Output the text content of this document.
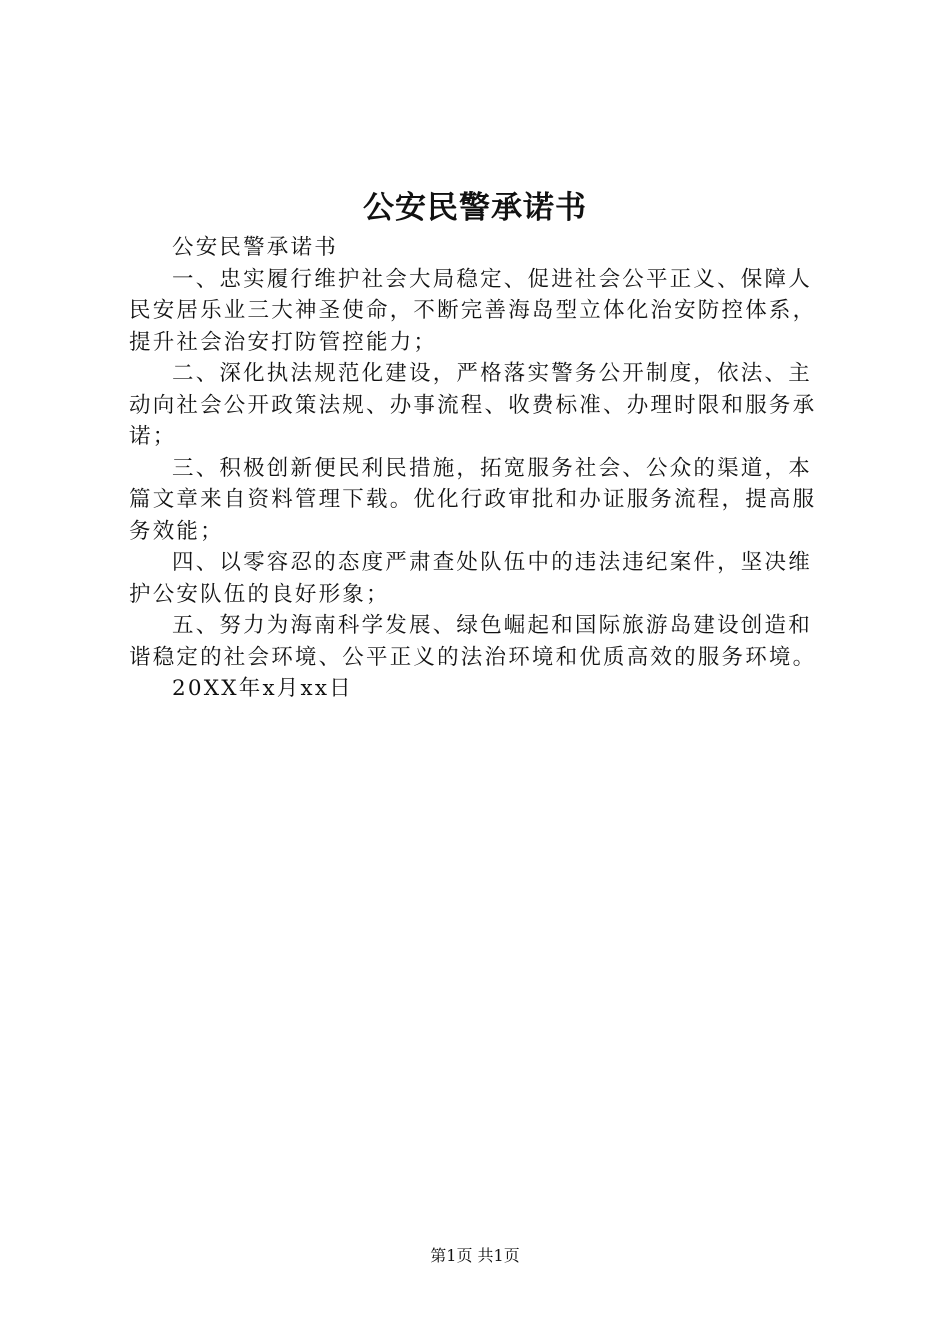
公安民警承诺书

公安民警承诺书

一、忠实履行维护社会大局稳定、促进社会公平正义、保障人民安居乐业三大神圣使命，不断完善海岛型立体化治安防控体系，提升社会治安打防管控能力；

二、深化执法规范化建设，严格落实警务公开制度，依法、主动向社会公开政策法规、办事流程、收费标准、办理时限和服务承诺；

三、积极创新便民利民措施，拓宽服务社会、公众的渠道，本篇文章来自资料管理下载。优化行政审批和办证服务流程，提高服务效能；

四、以零容忍的态度严肃查处队伍中的违法违纪案件，坚决维护公安队伍的良好形象；

五、努力为海南科学发展、绿色崛起和国际旅游岛建设创造和谐稳定的社会环境、公平正义的法治环境和优质高效的服务环境。

20XX年x月xx日

第1页 共1页
